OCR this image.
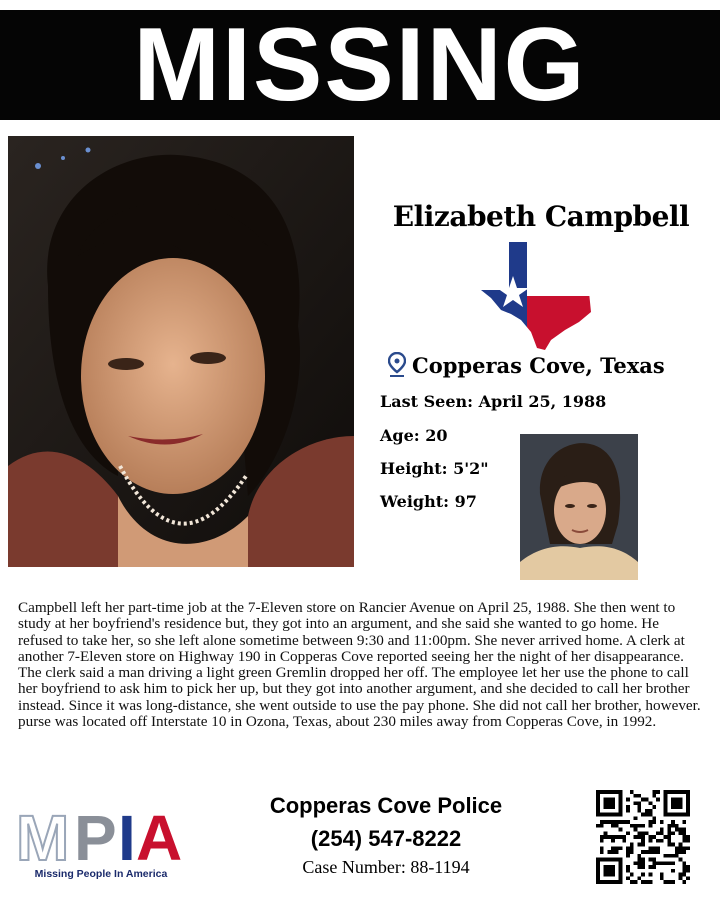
MISSING
Elizabeth Campbell
Copperas Cove, Texas
Last Seen: April 25, 1988
Age: 20
Height: 5'2"
Weight: 97

Campbell left her part-time job at the 7-Eleven store on Rancier Avenue on April 25, 1988. She then went to study at her boyfriend's residence but, they got into an argument, and she said she wanted to go home. He refused to take her, so she left alone sometime between 9:30 and 11:00pm. She never arrived home. A clerk at another 7-Eleven store on Highway 190 in Copperas Cove reported seeing her the night of her disappearance. The clerk said a man driving a light green Gremlin dropped her off. The employee let her use the phone to call her boyfriend to ask him to pick her up, but they got into another argument, and she decided to call her brother instead. Since it was long-distance, she went outside to use the pay phone. She did not call her brother, however. purse was located off Interstate 10 in Ozona, Texas, about 230 miles away from Copperas Cove, in 1992.

M P I A
Missing People In America
Copperas Cove Police
(254) 547-8222
Case Number: 88-1194
